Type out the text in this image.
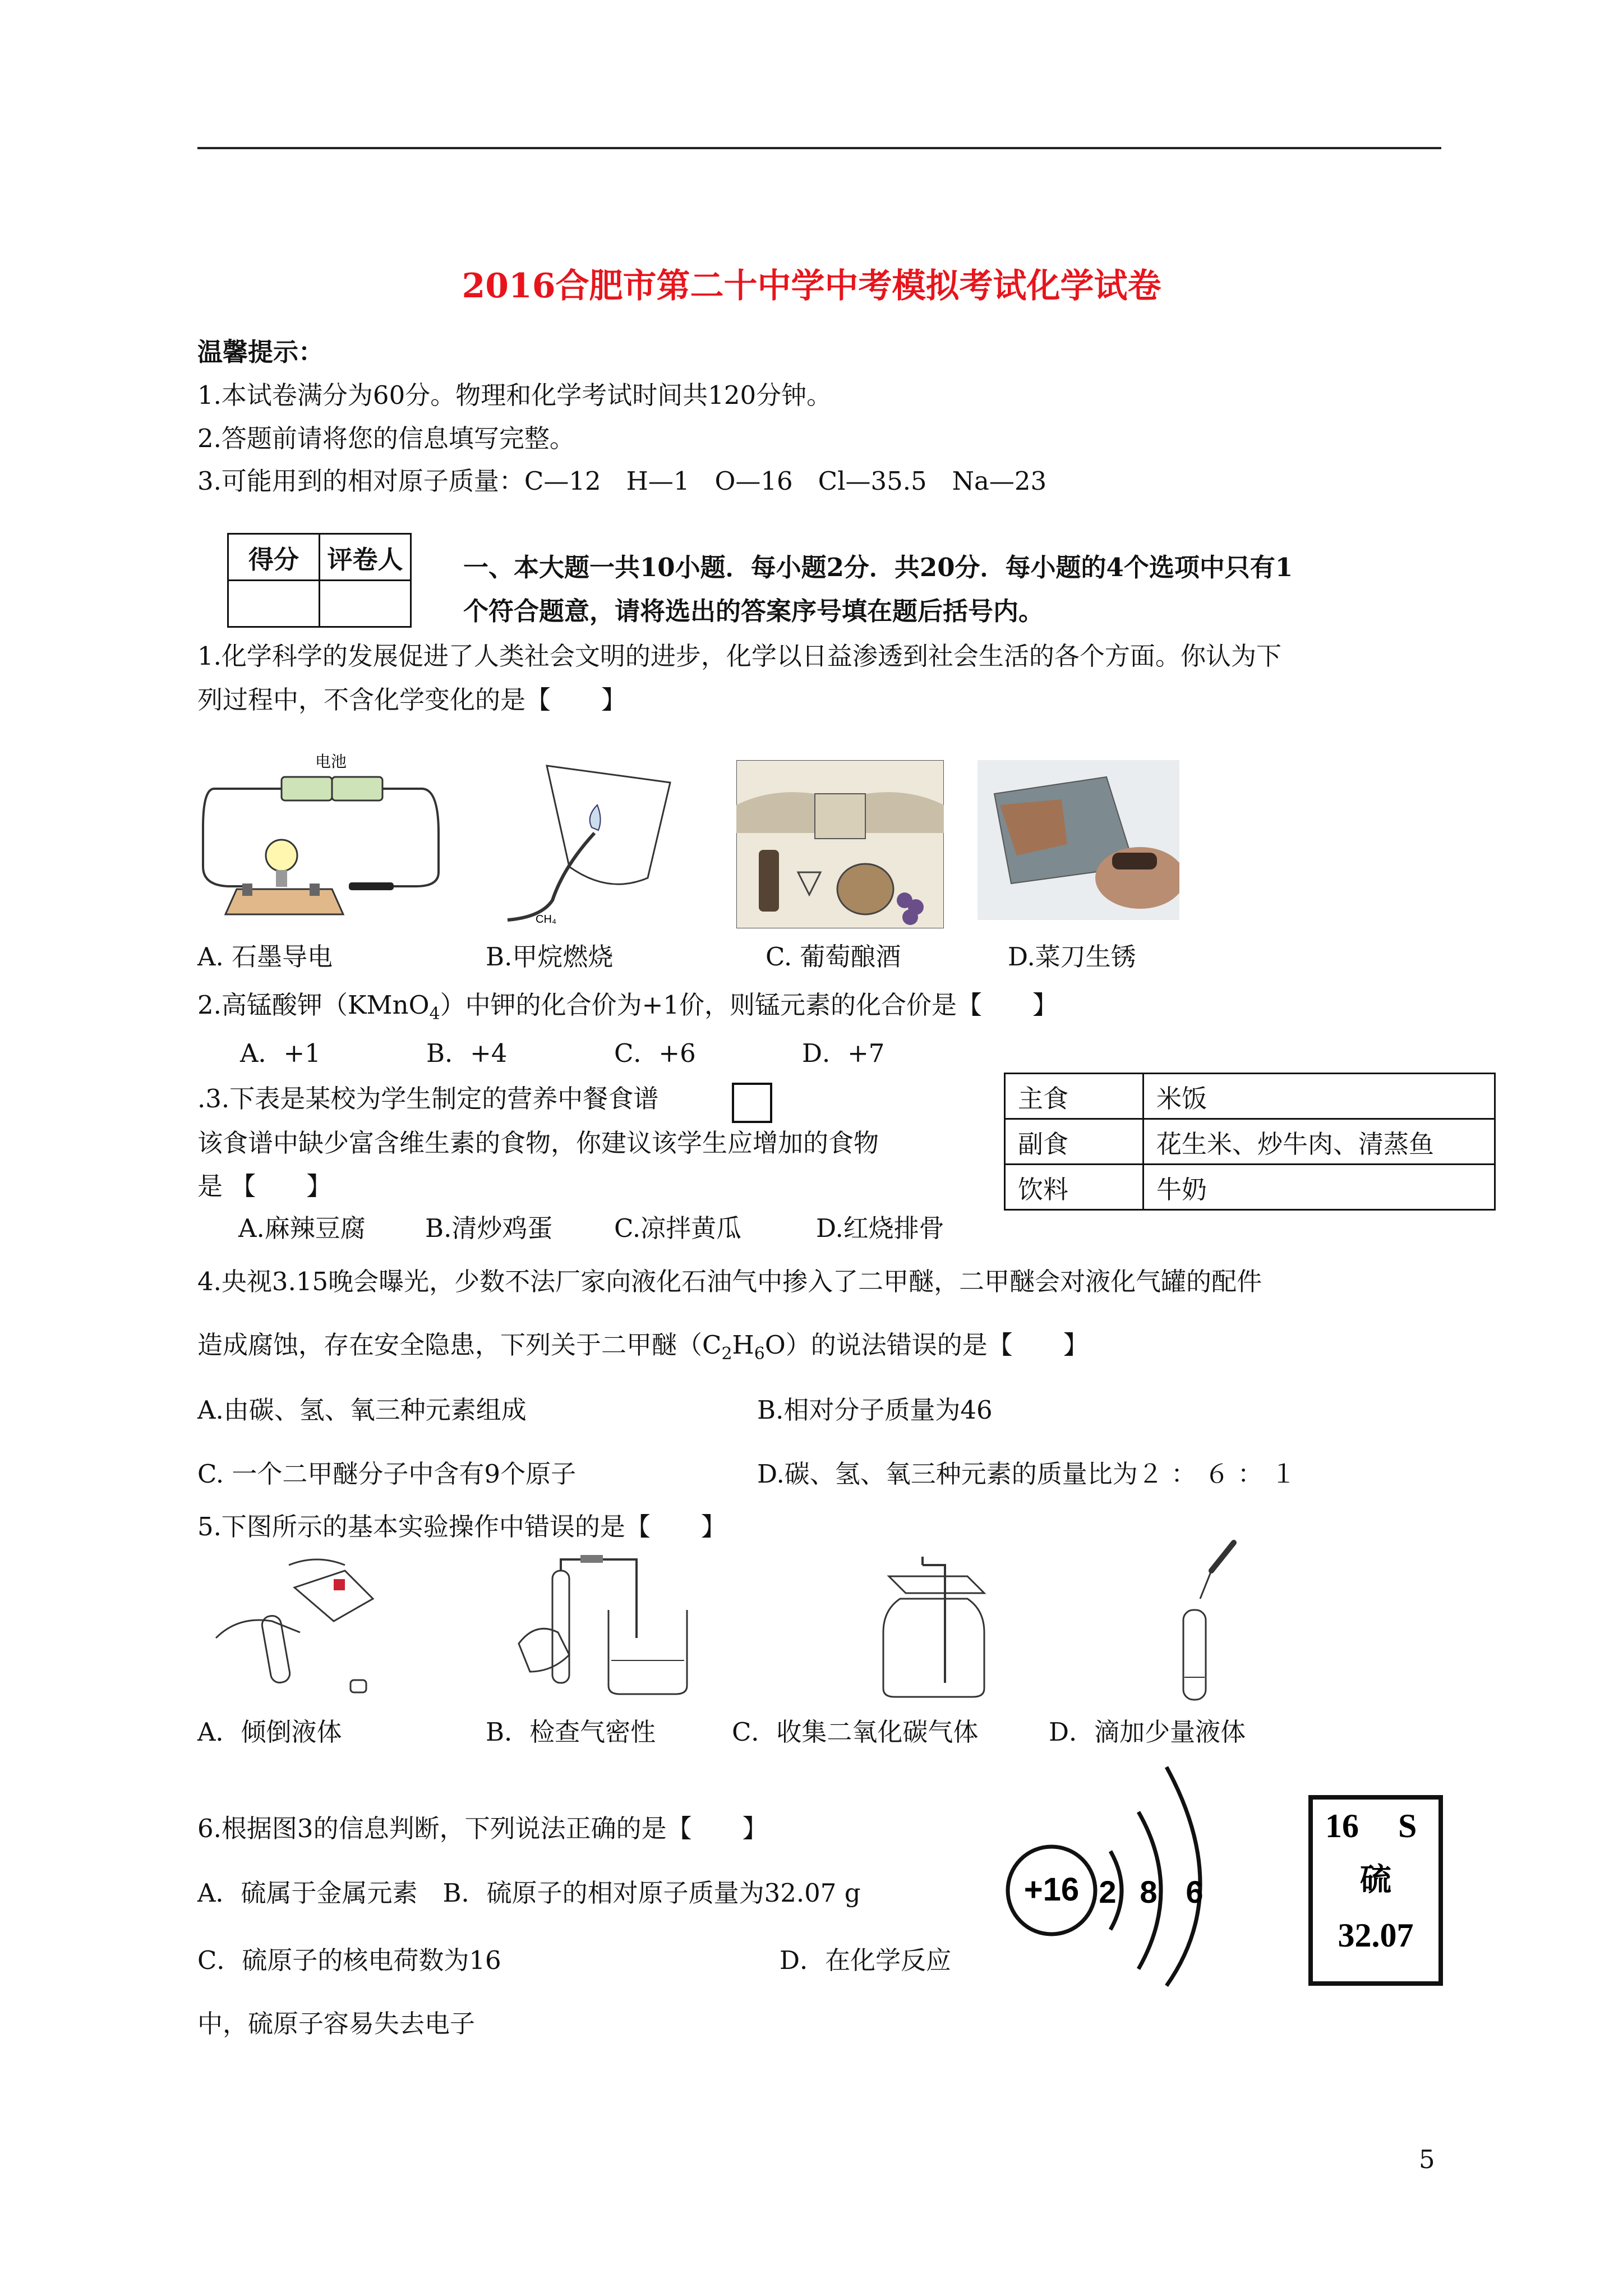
2016合肥市第二十中学中考模拟考试化学试卷
温馨提示：
1.本试卷满分为60分。物理和化学考试时间共120分钟。
2.答题前请将您的信息填写完整。
3.可能用到的相对原子质量：C—12　H—1　O—16　Cl—35.5　Na—23
得分	评卷人
	一、本大题一共10小题．每小题2分．共20分．每小题的4个选项中只有1
个符合题意，请将选出的答案序号填在题后括号内。
1.化学科学的发展促进了人类社会文明的进步，化学以日益渗透到社会生活的各个方面。你认为下
列过程中，不含化学变化的是【　　】
电池
CH₄
A. 石墨导电	B.甲烷燃烧	C. 葡萄酿酒	D.菜刀生锈
2.高锰酸钾（KMnO$_4$）中钾的化合价为+1价，则锰元素的化合价是【　　】
A．+1	B．+4	C．+6	D．+7
.3.下表是某校为学生制定的营养中餐食谱
该食谱中缺少富含维生素的食物，你建议该学生应增加的食物
是 【　　】
A.麻辣豆腐 B.清炒鸡蛋 C.凉拌黄瓜	D.红烧排骨
主食	米饭
副食	花生米、炒牛肉、清蒸鱼
饮料	牛奶
4.央视3.15晚会曝光，少数不法厂家向液化石油气中掺入了二甲醚，二甲醚会对液化气罐的配件
造成腐蚀，存在安全隐患，下列关于二甲醚$(C_2H_6O)$的说法错误的是【　　】
A.由碳、氢、氧三种元素组成	B.相对分子质量为46
C. 一个二甲醚分子中含有9个原子	D.碳、氢、氧三种元素的质量比为２ ： ６ ： １
5.下图所示的基本实验操作中错误的是【　　】
A．倾倒液体	B．检查气密性	C．收集二氧化碳气体	D．滴加少量液体
6.根据图3的信息判断，下列说法正确的是【　　】
A．硫属于金属元素　B．硫原子的相对原子质量为32.07 g
C．硫原子的核电荷数为16	D．在化学反应
中，硫原子容易失去电子
+16 2 8 6
16 S
硫
32.07
5
